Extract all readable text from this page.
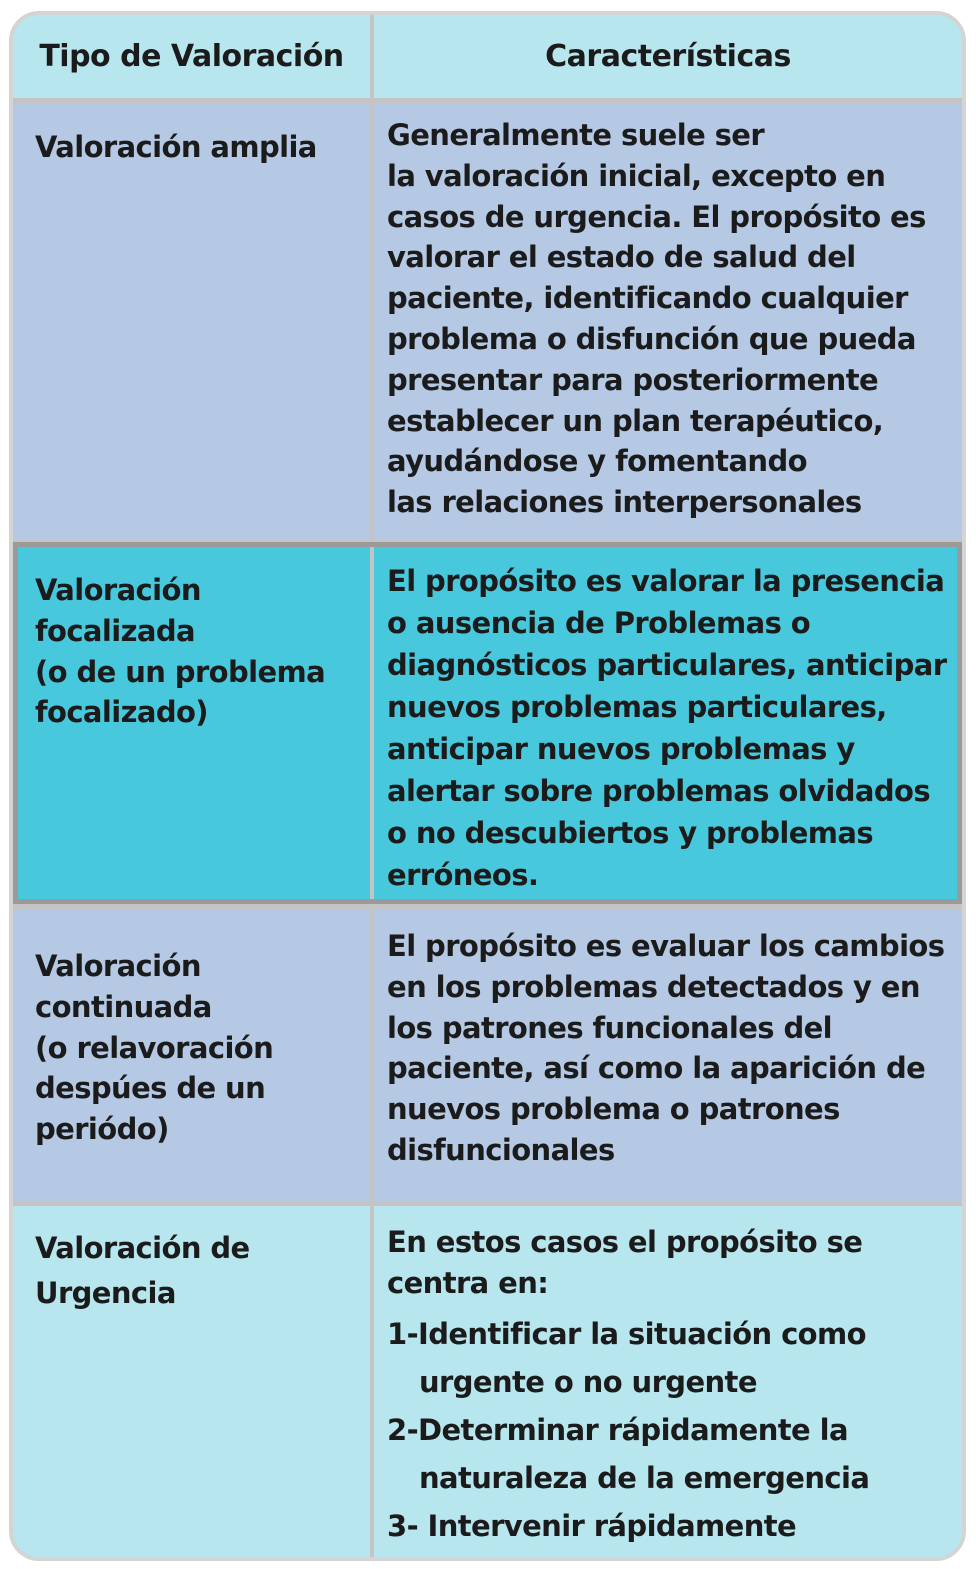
Tipo de Valoración	Características
Valoración amplia	Generalmente suele ser
la valoración inicial, excepto en
casos de urgencia. El propósito es
valorar el estado de salud del
paciente, identificando cualquier
problema o disfunción que pueda
presentar para posteriormente
establecer un plan terapéutico,
ayudándose y fomentando
las relaciones interpersonales
Valoración
focalizada
(o de un problema
focalizado)
El propósito es valorar la presencia
o ausencia de Problemas o
diagnósticos particulares, anticipar
nuevos problemas particulares,
anticipar nuevos problemas y
alertar sobre problemas olvidados
o no descubiertos y problemas
erróneos.
Valoración
continuada
(o relavoración
despúes de un
periódo)
El propósito es evaluar los cambios
en los problemas detectados y en
los patrones funcionales del
paciente, así como la aparición de
nuevos problema o patrones
disfuncionales
Valoración de
Urgencia
En estos casos el propósito se
centra en:
1-Identificar la situación como
urgente o no urgente
2-Determinar rápidamente la
naturaleza de la emergencia
3- Intervenir rápidamente
